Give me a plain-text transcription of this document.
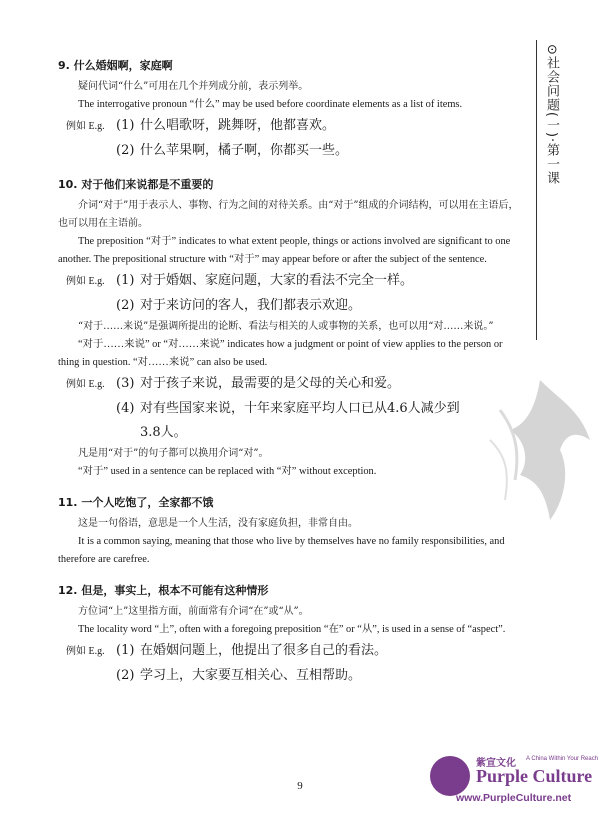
⊙社会问题(一)·第一课

9. 什么婚姻啊，家庭啊

疑问代词“什么”可用在几个并列成分前，表示列举。

The interrogative pronoun “什么” may be used before coordinate elements as a list of items.

例如 E.g. (1) 什么唱歌呀，跳舞呀，他都喜欢。

(2) 什么苹果啊，橘子啊，你都买一些。

10. 对于他们来说都是不重要的

介词“对于”用于表示人、事物、行为之间的对待关系。由“对于”组成的介词结构，可以用在主语后，也可以用在主语前。

The preposition “对于” indicates to what extent people, things or actions involved are significant to one another. The prepositional structure with “对于” may appear before or after the subject of the sentence.

例如 E.g. (1) 对于婚姻、家庭问题，大家的看法不完全一样。

(2) 对于来访问的客人，我们都表示欢迎。

“对于……来说”是强调所提出的论断、看法与相关的人或事物的关系，也可以用“对……来说。”

“对于……来说” or “对……来说” indicates how a judgment or point of view applies to the person or thing in question. “对……来说” can also be used.

例如 E.g. (3) 对于孩子来说，最需要的是父母的关心和爱。

(4) 对有些国家来说，十年来家庭平均人口已从4.6人减少到

3.8人。

凡是用“对于”的句子都可以换用介词“对”。

“对于” used in a sentence can be replaced with “对” without exception.

11. 一个人吃饱了，全家都不饿

这是一句俗语，意思是一个人生活，没有家庭负担，非常自由。

It is a common saying, meaning that those who live by themselves have no family responsibilities, and therefore are carefree.

12. 但是，事实上，根本不可能有这种情形

方位词“上”这里指方面，前面常有介词“在”或“从”。

The locality word “上”, often with a foregoing preposition “在” or “从”, is used in a sense of “aspect”.

例如 E.g. (1) 在婚姻问题上，他提出了很多自己的看法。

(2) 学习上，大家要互相关心、互相帮助。

9
紫宣文化 A China Within Your Reach
Purple Culture
www.PurpleCulture.net
